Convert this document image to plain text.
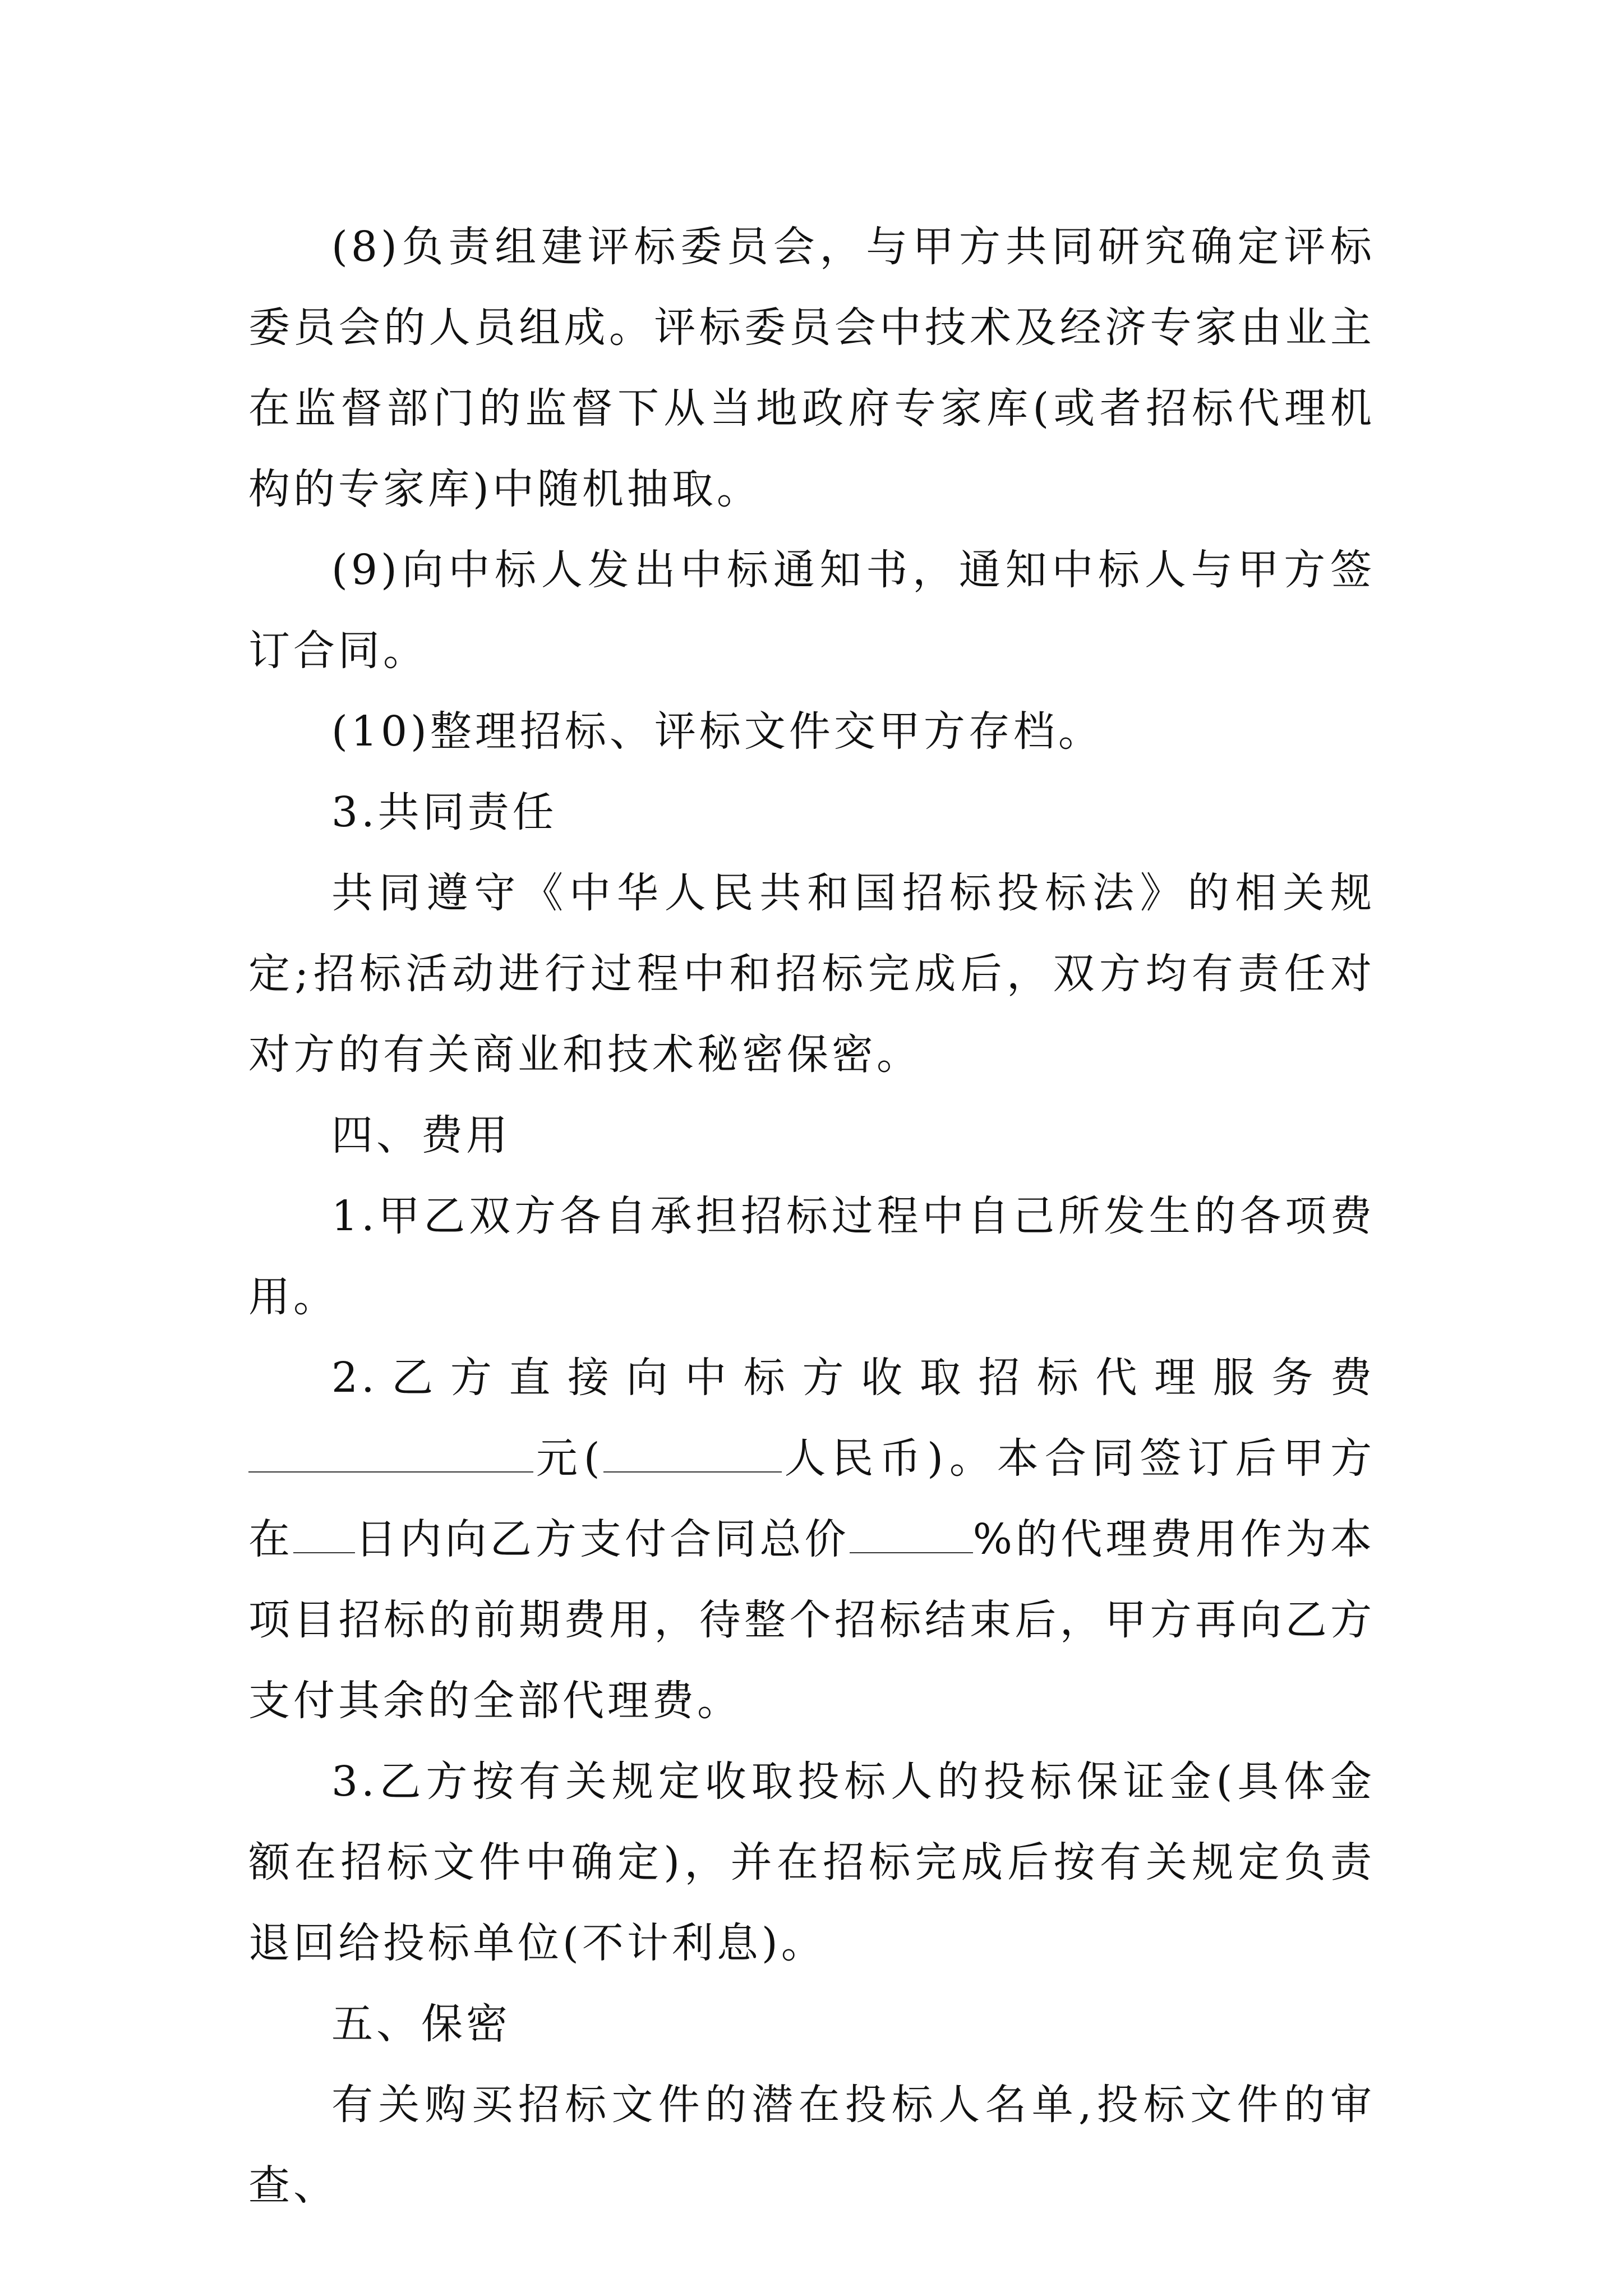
(8)负责组建评标委员会，与甲方共同研究确定评标委员会的人员组成。评标委员会中技术及经济专家由业主在监督部门的监督下从当地政府专家库(或者招标代理机构的专家库)中随机抽取。

(9)向中标人发出中标通知书，通知中标人与甲方签订合同。

(10)整理招标、评标文件交甲方存档。

3.共同责任

共同遵守《中华人民共和国招标投标法》的相关规定;招标活动进行过程中和招标完成后，双方均有责任对对方的有关商业和技术秘密保密。

四、费用

1.甲乙双方各自承担招标过程中自己所发生的各项费用。

2.乙方直接向中标方收取招标代理服务费元(	人民币)。本合同签订后甲方在 日内向乙方支付合同总价	%的代理费用作为本项目招标的前期费用，待整个招标结束后，甲方再向乙方支付其余的全部代理费。

3.乙方按有关规定收取投标人的投标保证金(具体金额在招标文件中确定)，并在招标完成后按有关规定负责退回给投标单位(不计利息)。

五、保密

有关购买招标文件的潜在投标人名单,投标文件的审查、
